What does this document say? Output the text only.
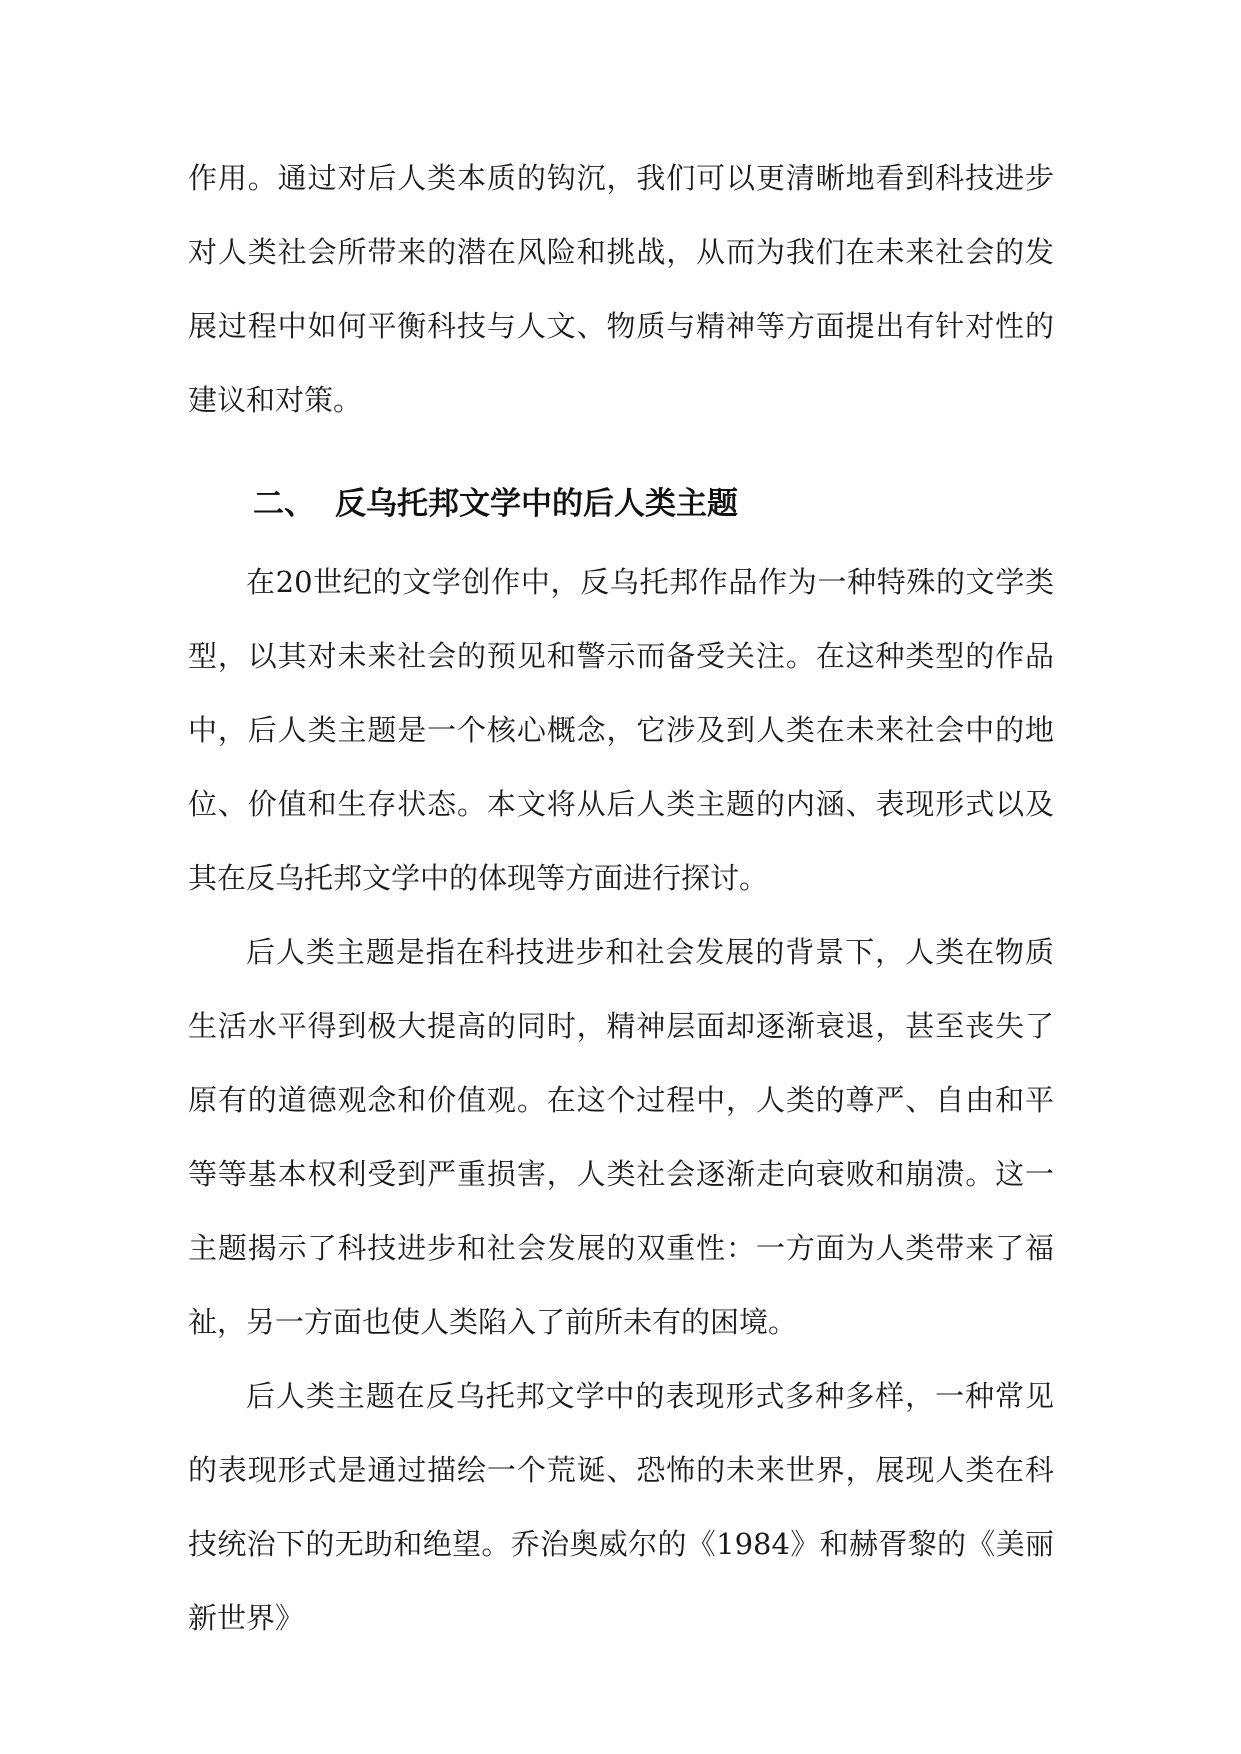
作用。通过对后人类本质的钩沉，我们可以更清晰地看到科技进步对人类社会所带来的潜在风险和挑战，从而为我们在未来社会的发展过程中如何平衡科技与人文、物质与精神等方面提出有针对性的建议和对策。

二、 反乌托邦文学中的后人类主题

在20世纪的文学创作中，反乌托邦作品作为一种特殊的文学类型，以其对未来社会的预见和警示而备受关注。在这种类型的作品中，后人类主题是一个核心概念，它涉及到人类在未来社会中的地位、价值和生存状态。本文将从后人类主题的内涵、表现形式以及其在反乌托邦文学中的体现等方面进行探讨。

后人类主题是指在科技进步和社会发展的背景下，人类在物质生活水平得到极大提高的同时，精神层面却逐渐衰退，甚至丧失了原有的道德观念和价值观。在这个过程中，人类的尊严、自由和平等等基本权利受到严重损害，人类社会逐渐走向衰败和崩溃。这一主题揭示了科技进步和社会发展的双重性：一方面为人类带来了福祉，另一方面也使人类陷入了前所未有的困境。

后人类主题在反乌托邦文学中的表现形式多种多样，一种常见的表现形式是通过描绘一个荒诞、恐怖的未来世界，展现人类在科技统治下的无助和绝望。乔治奥威尔的《1984》和赫胥黎的《美丽新世界》
